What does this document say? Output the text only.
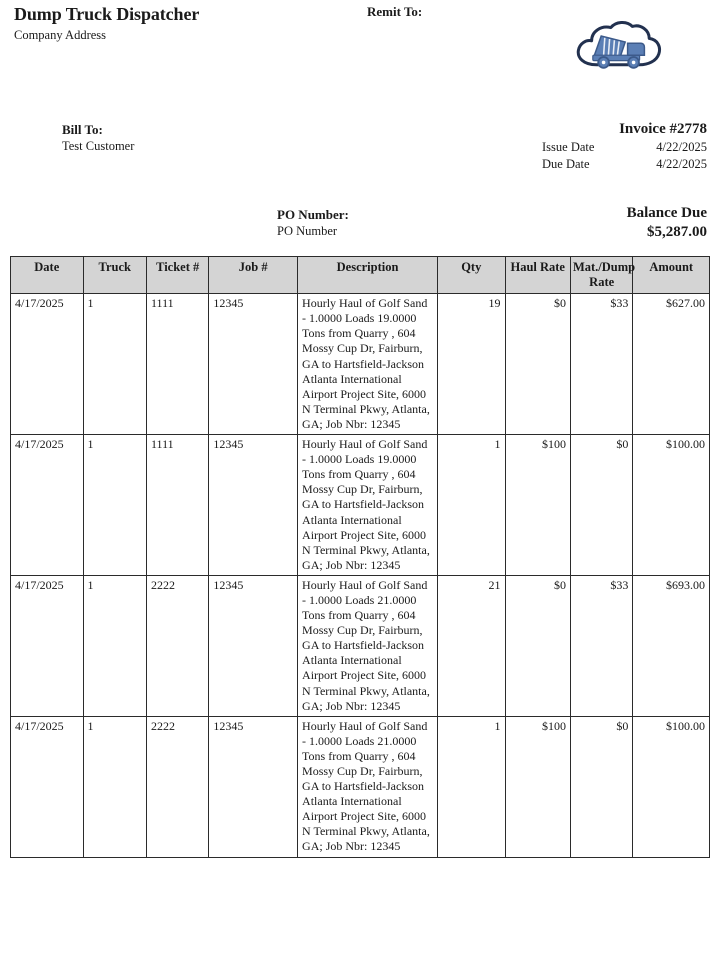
Dump Truck Dispatcher
Company Address
Remit To:
Bill To:
Test Customer
Invoice #2778
Issue Date	4/22/2025
Due Date	4/22/2025
PO Number:
PO Number
Balance Due
$5,287.00
Date	Truck	Ticket #	Job #	Description	Qty	Haul Rate	Mat./Dump Rate	Amount
4/17/2025	1	1111	12345	Hourly Haul of Golf Sand - 1.0000 Loads 19.0000 Tons from Quarry , 604 Mossy Cup Dr, Fairburn, GA to Hartsfield-Jackson Atlanta International Airport Project Site, 6000 N Terminal Pkwy, Atlanta, GA; Job Nbr: 12345	19	$0	$33	$627.00
4/17/2025	1	1111	12345	Hourly Haul of Golf Sand - 1.0000 Loads 19.0000 Tons from Quarry , 604 Mossy Cup Dr, Fairburn, GA to Hartsfield-Jackson Atlanta International Airport Project Site, 6000 N Terminal Pkwy, Atlanta, GA; Job Nbr: 12345	1	$100	$0	$100.00
4/17/2025	1	2222	12345	Hourly Haul of Golf Sand - 1.0000 Loads 21.0000 Tons from Quarry , 604 Mossy Cup Dr, Fairburn, GA to Hartsfield-Jackson Atlanta International Airport Project Site, 6000 N Terminal Pkwy, Atlanta, GA; Job Nbr: 12345	21	$0	$33	$693.00
4/17/2025	1	2222	12345	Hourly Haul of Golf Sand - 1.0000 Loads 21.0000 Tons from Quarry , 604 Mossy Cup Dr, Fairburn, GA to Hartsfield-Jackson Atlanta International Airport Project Site, 6000 N Terminal Pkwy, Atlanta, GA; Job Nbr: 12345	1	$100	$0	$100.00
